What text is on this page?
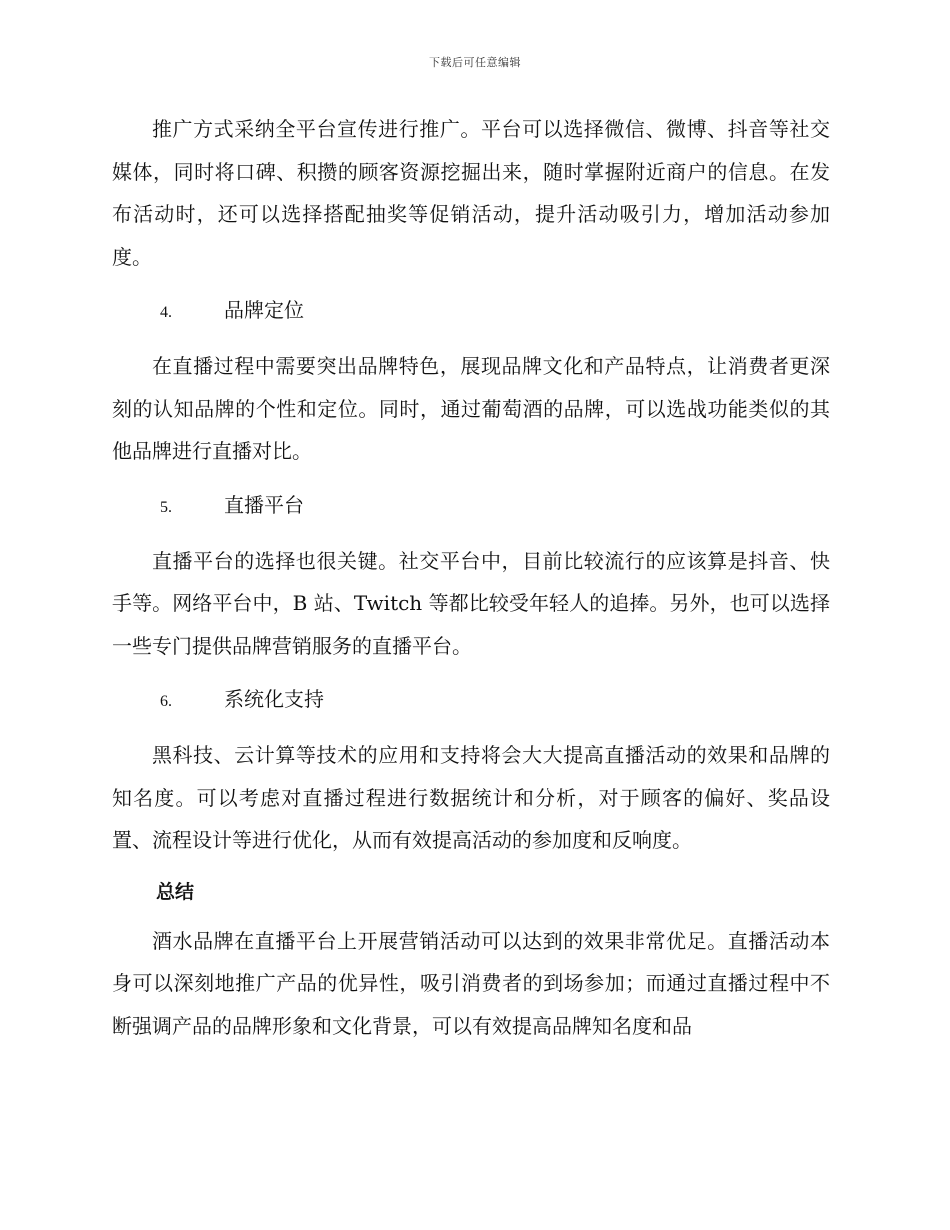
下载后可任意编辑

推广方式采纳全平台宣传进行推广。平台可以选择微信、微博、抖音等社交媒体，同时将口碑、积攒的顾客资源挖掘出来，随时掌握附近商户的信息。在发布活动时，还可以选择搭配抽奖等促销活动，提升活动吸引力，增加活动参加度。

4.	品牌定位

在直播过程中需要突出品牌特色，展现品牌文化和产品特点，让消费者更深刻的认知品牌的个性和定位。同时，通过葡萄酒的品牌，可以选战功能类似的其他品牌进行直播对比。

5.	直播平台

直播平台的选择也很关键。社交平台中，目前比较流行的应该算是抖音、快手等。网络平台中，B 站、Twitch 等都比较受年轻人的追捧。另外，也可以选择一些专门提供品牌营销服务的直播平台。

6.	系统化支持

黑科技、云计算等技术的应用和支持将会大大提高直播活动的效果和品牌的知名度。可以考虑对直播过程进行数据统计和分析，对于顾客的偏好、奖品设置、流程设计等进行优化，从而有效提高活动的参加度和反响度。

总结

酒水品牌在直播平台上开展营销活动可以达到的效果非常优足。直播活动本身可以深刻地推广产品的优异性，吸引消费者的到场参加；而通过直播过程中不断强调产品的品牌形象和文化背景，可以有效提高品牌知名度和品
